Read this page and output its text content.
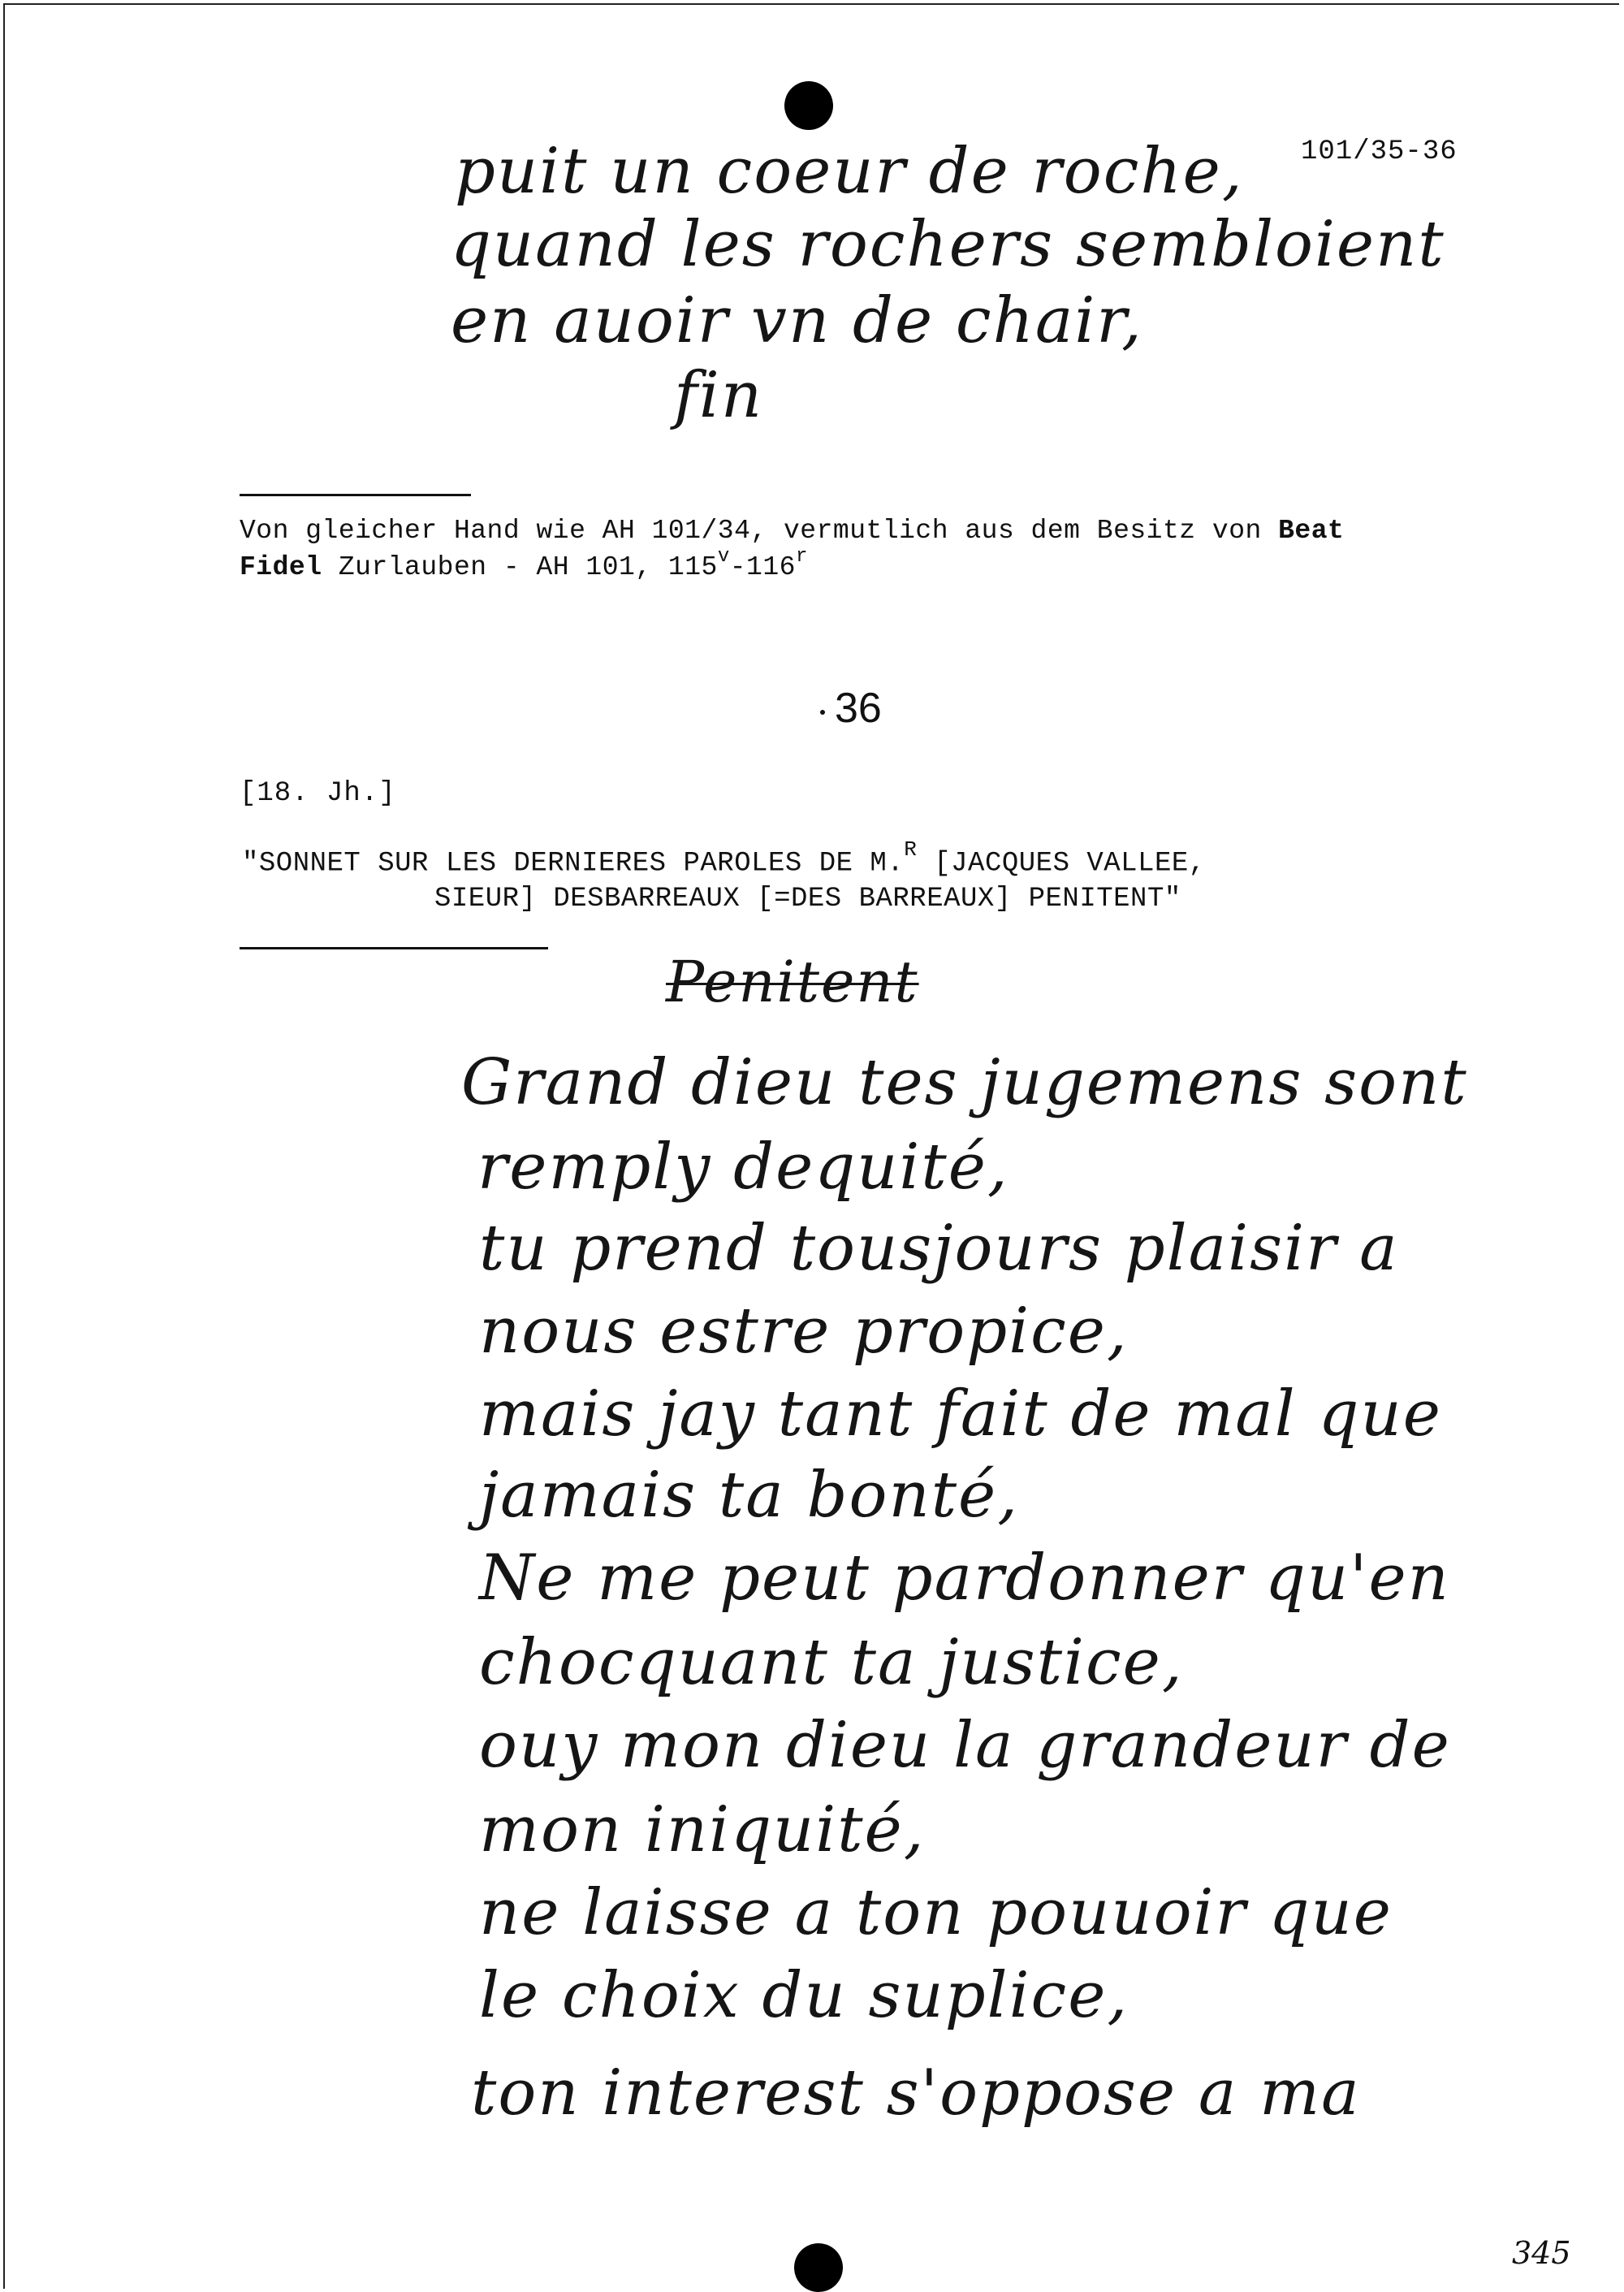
101/35-36
puit un coeur de roche,
quand les rochers sembloient
en auoir vn de chair,
fin
Von gleicher Hand wie AH 101/34, vermutlich aus dem Besitz von Beat
Fidel Zurlauben - AH 101, 115$^v$-116$^r$
36
[18. Jh.]
"SONNET SUR LES DERNIERES PAROLES DE M.$^R$ [JACQUES VALLEE,
SIEUR] DESBARREAUX [=DES BARREAUX] PENITENT"
Penitent
Grand dieu tes jugemens sont
remply dequité,
tu prend tousjours plaisir a
nous estre propice,
mais jay tant fait de mal que
jamais ta bonté,
Ne me peut pardonner qu'en
chocquant ta justice,
ouy mon dieu la grandeur de
mon iniquité,
ne laisse a ton pouuoir que
le choix du suplice,
ton interest s'oppose a ma
345
